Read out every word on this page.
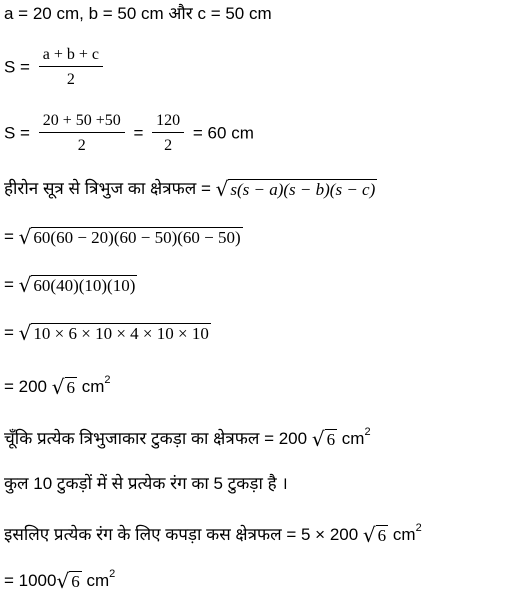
a = 20 cm, b = 50 cm और c = 50 cm
$S = \frac{a + b + c}{2}$
$S = \frac{20 + 50 +50}{2} = \frac{120}{2} = 60$ cm
हीरोन सूत्र से त्रिभुज का क्षेत्रफल = √ s(s − a)(s − b)(s − c)
= √ 60(60 − 20)(60 − 50)(60 − 50)
= √ 60(40)(10)(10)
= √ 10 × 6 × 10 × 4 × 10 × 10
= 200 √ 6 $cm^2$
चूँकि प्रत्येक त्रिभुजाकार टुकड़ा का क्षेत्रफल = 200 √ 6 $cm^2$
कुल 10 टुकड़ों में से प्रत्येक रंग का 5 टुकड़ा है ।
इसलिए प्रत्येक रंग के लिए कपड़ा कस क्षेत्रफल = 5 × 200 √ 6 $cm^2$
= 1000 √ 6 $cm^2$
